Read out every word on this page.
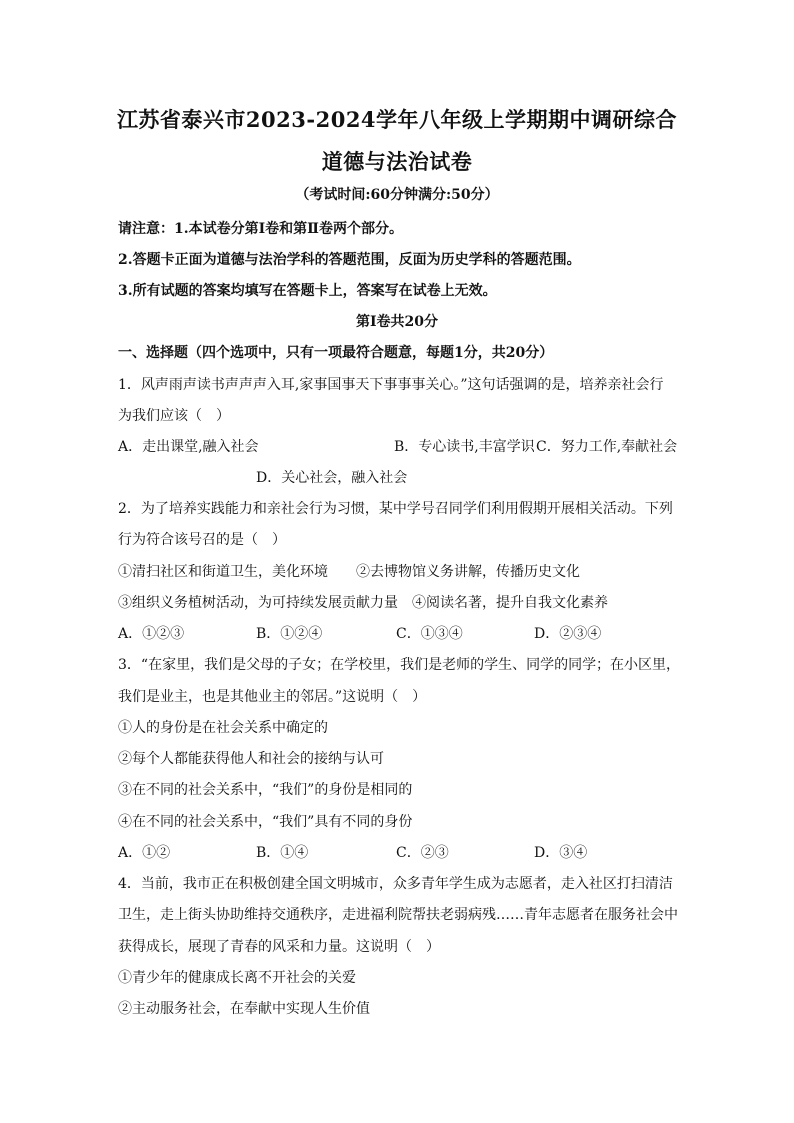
江苏省泰兴市2023-2024学年八年级上学期期中调研综合
道德与法治试卷
（考试时间:60分钟满分:50分）
请注意：1.本试卷分第Ⅰ卷和第Ⅱ卷两个部分。
2.答题卡正面为道德与法治学科的答题范围，反面为历史学科的答题范围。
3.所有试题的答案均填写在答题卡上，答案写在试卷上无效。
第Ⅰ卷共20分
一、选择题（四个选项中，只有一项最符合题意，每题1分，共20分）
1．风声雨声读书声声声入耳,家事国事天下事事事关心。”这句话强调的是，培养亲社会行
为我们应该（　）
A．走出课堂,融入社会	B．专心读书,丰富学识 C．努力工作,奉献社会
D．关心社会，融入社会
2．为了培养实践能力和亲社会行为习惯，某中学号召同学们利用假期开展相关活动。下列
行为符合该号召的是（　）
①清扫社区和街道卫生，美化环境　　②去博物馆义务讲解，传播历史文化
③组织义务植树活动，为可持续发展贡献力量　④阅读名著，提升自我文化素养
A．①②③	B．①②④	C．①③④	D．②③④
3．“在家里，我们是父母的子女；在学校里，我们是老师的学生、同学的同学；在小区里，
我们是业主，也是其他业主的邻居。”这说明（　）
①人的身份是在社会关系中确定的
②每个人都能获得他人和社会的接纳与认可
③在不同的社会关系中，“我们”的身份是相同的
④在不同的社会关系中，“我们”具有不同的身份
A．①②	B．①④	C．②③	D．③④
4．当前，我市正在积极创建全国文明城市，众多青年学生成为志愿者，走入社区打扫清洁
卫生，走上街头协助维持交通秩序，走进福利院帮扶老弱病残……青年志愿者在服务社会中
获得成长，展现了青春的风采和力量。这说明（　）
①青少年的健康成长离不开社会的关爱
②主动服务社会，在奉献中实现人生价值
